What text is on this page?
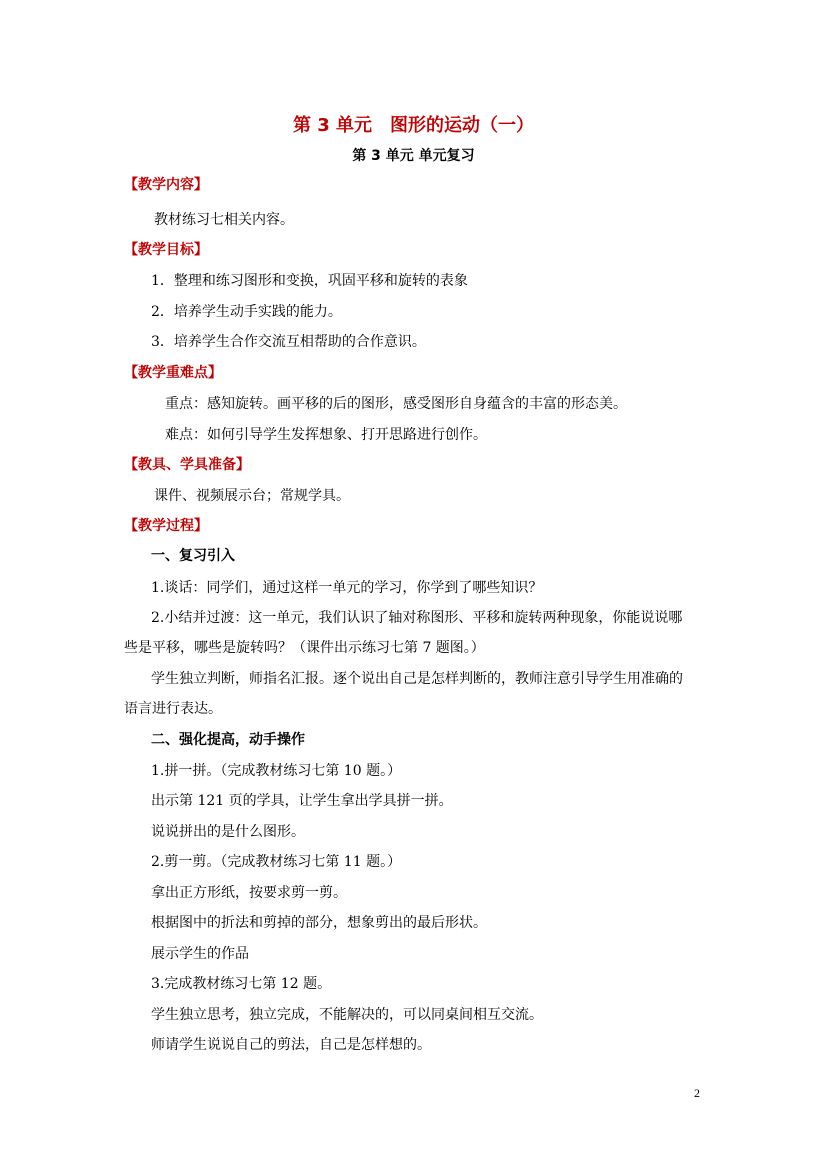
第 3 单元　图形的运动（一）
第 3 单元 单元复习
【教学内容】
教材练习七相关内容。
【教学目标】
1．整理和练习图形和变换，巩固平移和旋转的表象
2．培养学生动手实践的能力。
3．培养学生合作交流互相帮助的合作意识。
【教学重难点】
重点：感知旋转。画平移的后的图形，感受图形自身蕴含的丰富的形态美。
难点：如何引导学生发挥想象、打开思路进行创作。
【教具、学具准备】
课件、视频展示台；常规学具。
【教学过程】
一、复习引入
1.谈话：同学们，通过这样一单元的学习，你学到了哪些知识？
2.小结并过渡：这一单元，我们认识了轴对称图形、平移和旋转两种现象，你能说说哪
些是平移，哪些是旋转吗？（课件出示练习七第 7 题图。）
学生独立判断，师指名汇报。逐个说出自己是怎样判断的，教师注意引导学生用准确的
语言进行表达。
二、强化提高，动手操作
1.拼一拼。（完成教材练习七第 10 题。）
出示第 121 页的学具，让学生拿出学具拼一拼。
说说拼出的是什么图形。
2.剪一剪。（完成教材练习七第 11 题。）
拿出正方形纸，按要求剪一剪。
根据图中的折法和剪掉的部分，想象剪出的最后形状。
展示学生的作品
3.完成教材练习七第 12 题。
学生独立思考，独立完成，不能解决的，可以同桌间相互交流。
师请学生说说自己的剪法，自己是怎样想的。
2
